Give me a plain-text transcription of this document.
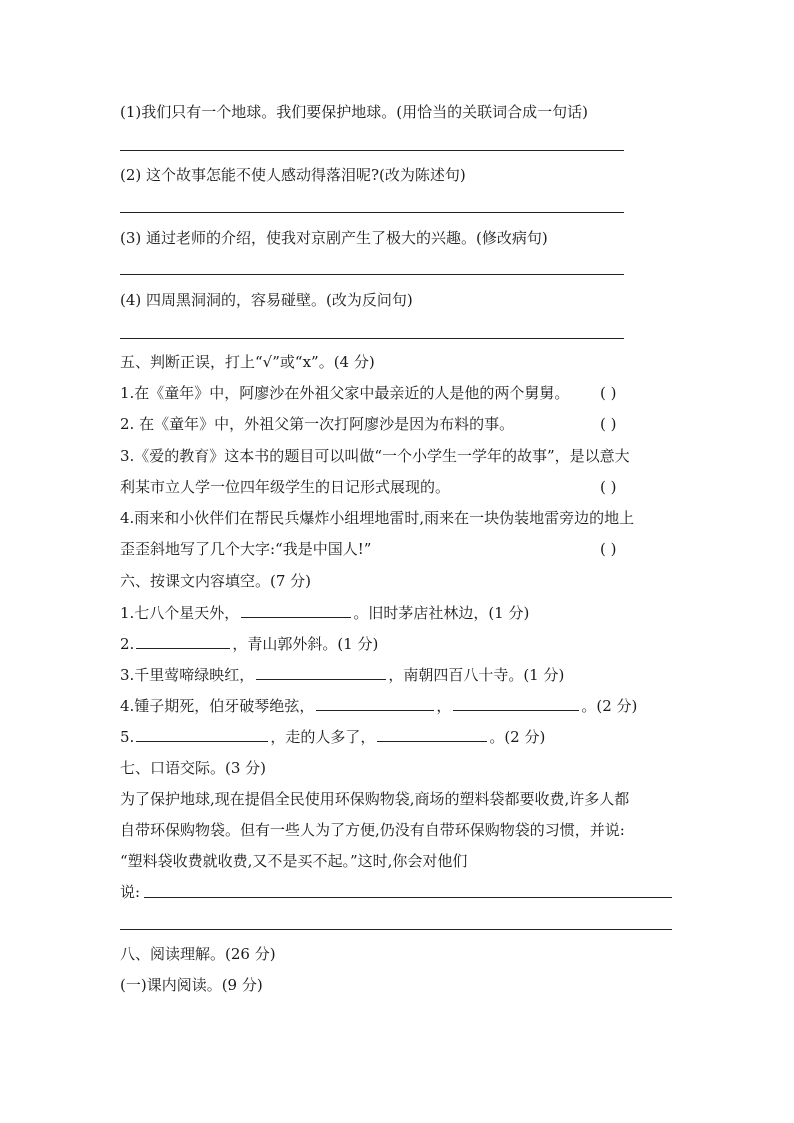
(1)我们只有一个地球。我们要保护地球。(用恰当的关联词合成一句话)
(2) 这个故事怎能不使人感动得落泪呢?(改为陈述句)
(3) 通过老师的介绍，使我对京剧产生了极大的兴趣。(修改病句)
(4) 四周黑洞洞的，容易碰壁。(改为反问句)
五、判断正误，打上“√”或“x”。(4 分)
1.在《童年》中，阿廖沙在外祖父家中最亲近的人是他的两个舅舅。 ( )
2. 在《童年》中，外祖父第一次打阿廖沙是因为布料的事。	( )
3.《爱的教育》这本书的题目可以叫做“一个小学生一学年的故事”，是以意大
利某市立人学一位四年级学生的日记形式展现的。	( )
4.雨来和小伙伴们在帮民兵爆炸小组埋地雷时,雨来在一块伪装地雷旁边的地上
歪歪斜地写了几个大字:“我是中国人!”	( )
六、按课文内容填空。(7 分)
1.七八个星天外，	。旧时茅店社林边，(1 分)
2.	，青山郭外斜。(1 分)
3.千里莺啼绿映红，	，南朝四百八十寺。(1 分)
4.锺子期死，伯牙破琴绝弦，	，	。(2 分)
5.	，走的人多了，	。(2 分)
七、口语交际。(3 分)
为了保护地球,现在提倡全民使用环保购物袋,商场的塑料袋都要收费,许多人都
自带环保购物袋。但有一些人为了方便,仍没有自带环保购物袋的习惯，并说:
“塑料袋收费就收费,又不是买不起。”这时,你会对他们
说:
八、阅读理解。(26 分)
(一)课内阅读。(9 分)
